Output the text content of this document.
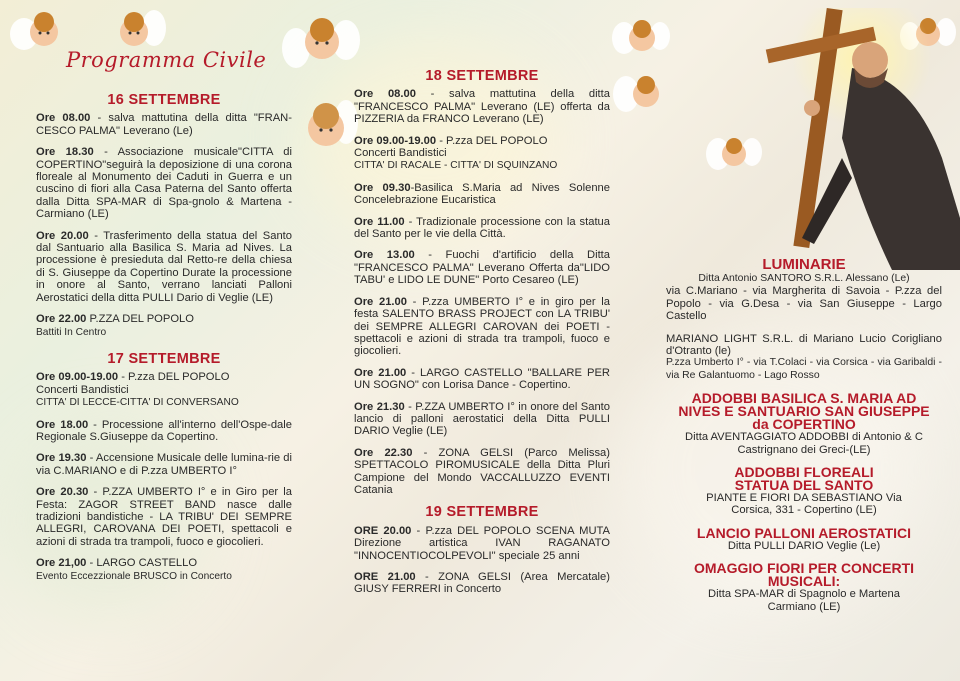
Programma Civile
16 SETTEMBRE
Ore 08.00 - salva mattutina della ditta "FRAN-CESCO PALMA" Leverano (Le)
Ore 18.30 - Associazione musicale"CITTA di COPERTINO"seguirà la deposizione di una corona floreale al Monumento dei Caduti in Guerra e un cuscino di fiori alla Casa Paterna del Santo offerta dalla Ditta SPA-MAR di Spa-gnolo & Martena - Carmiano (LE)
Ore 20.00 - Trasferimento della statua del Santo dal Santuario alla Basilica S. Maria ad Nives. La processione è presieduta dal Retto-re della chiesa di S. Giuseppe da Copertino Durate la processione in onore al Santo, verrano lanciati Palloni Aerostatici della ditta PULLI Dario di Veglie (LE)
Ore 22.00 P.ZZA DEL POPOLO
Battiti In Centro
17 SETTEMBRE
Ore 09.00-19.00 - P.zza DEL POPOLO
Concerti Bandistici
CITTA' DI LECCE-CITTA' DI CONVERSANO
Ore 18.00 - Processione all'interno dell'Ospe-dale Regionale S.Giuseppe da Copertino.
Ore 19.30 - Accensione Musicale delle lumina-rie di via C.MARIANO e di P.zza UMBERTO I°
Ore 20.30 - P.ZZA UMBERTO I° e in Giro per la Festa: ZAGOR STREET BAND nasce dalle tradizioni bandistiche - LA TRIBU' DEI SEMPRE ALLEGRI, CAROVANA DEI POETI, spettacoli e azioni di strada tra trampoli, fuoco e giocolieri.
Ore 21,00 - LARGO CASTELLO
Evento Eccezzionale BRUSCO in Concerto
18 SETTEMBRE
Ore 08.00 - salva mattutina della ditta "FRANCESCO PALMA" Leverano (LE) offerta da PIZZERIA da FRANCO Leverano (LE)
Ore 09.00-19.00 - P.zza DEL POPOLO
Concerti Bandistici
CITTA' DI RACALE - CITTA' DI SQUINZANO
Ore 09.30-Basilica S.Maria ad Nives Solenne Concelebrazione Eucaristica
Ore 11.00 - Tradizionale processione con la statua del Santo per le vie della Città.
Ore 13.00 - Fuochi d'artificio della Ditta "FRANCESCO PALMA" Leverano Offerta da"LIDO TABU' e LIDO LE DUNE" Porto Cesareo (LE)
Ore 21.00 - P.zza UMBERTO I° e in giro per la festa SALENTO BRASS PROJECT con LA TRIBU' dei SEMPRE ALLEGRI CAROVAN dei POETI - spettacoli e azioni di strada tra trampoli, fuoco e giocolieri.
Ore 21.00 - LARGO CASTELLO "BALLARE PER UN SOGNO" con Lorisa Dance - Copertino.
Ore 21.30 - P.ZZA UMBERTO I° in onore del Santo lancio di palloni aerostatici della Ditta PULLI DARIO Veglie (LE)
Ore 22.30 - ZONA GELSI (Parco Melissa) SPETTACOLO PIROMUSICALE della Ditta Pluri Campione del Mondo VACCALLUZZO EVENTI Catania
19 SETTEMBRE
ORE 20.00 - P.zza DEL POPOLO SCENA MUTA Direzione artistica IVAN RAGANATO "INNOCENTIOCOLPEVOLI" speciale 25 anni
ORE 21.00 - ZONA GELSI (Area Mercatale) GIUSY FERRERI in Concerto
LUMINARIE
Ditta Antonio SANTORO S.R.L. Alessano (Le)
via C.Mariano - via Margherita di Savoia - P.zza del Popolo - via G.Desa - via San Giuseppe - Largo Castello
MARIANO LIGHT S.R.L. di Mariano Lucio Corigliano d'Otranto (le)
P.zza Umberto I° - via T.Colaci - via Corsica - via Garibaldi - via Re Galantuomo - Lago Rosso
ADDOBBI BASILICA S. MARIA AD NIVES E SANTUARIO SAN GIUSEPPE da COPERTINO
Ditta AVENTAGGIATO ADDOBBI di Antonio & C Castrignano dei Greci-(LE)
ADDOBBI FLOREALI STATUA DEL SANTO
PIANTE E FIORI DA SEBASTIANO Via Corsica, 331 - Copertino (LE)
LANCIO PALLONI AEROSTATICI
Ditta PULLI DARIO Veglie (Le)
OMAGGIO FIORI PER CONCERTI MUSICALI:
Ditta SPA-MAR di Spagnolo e Martena Carmiano (LE)
